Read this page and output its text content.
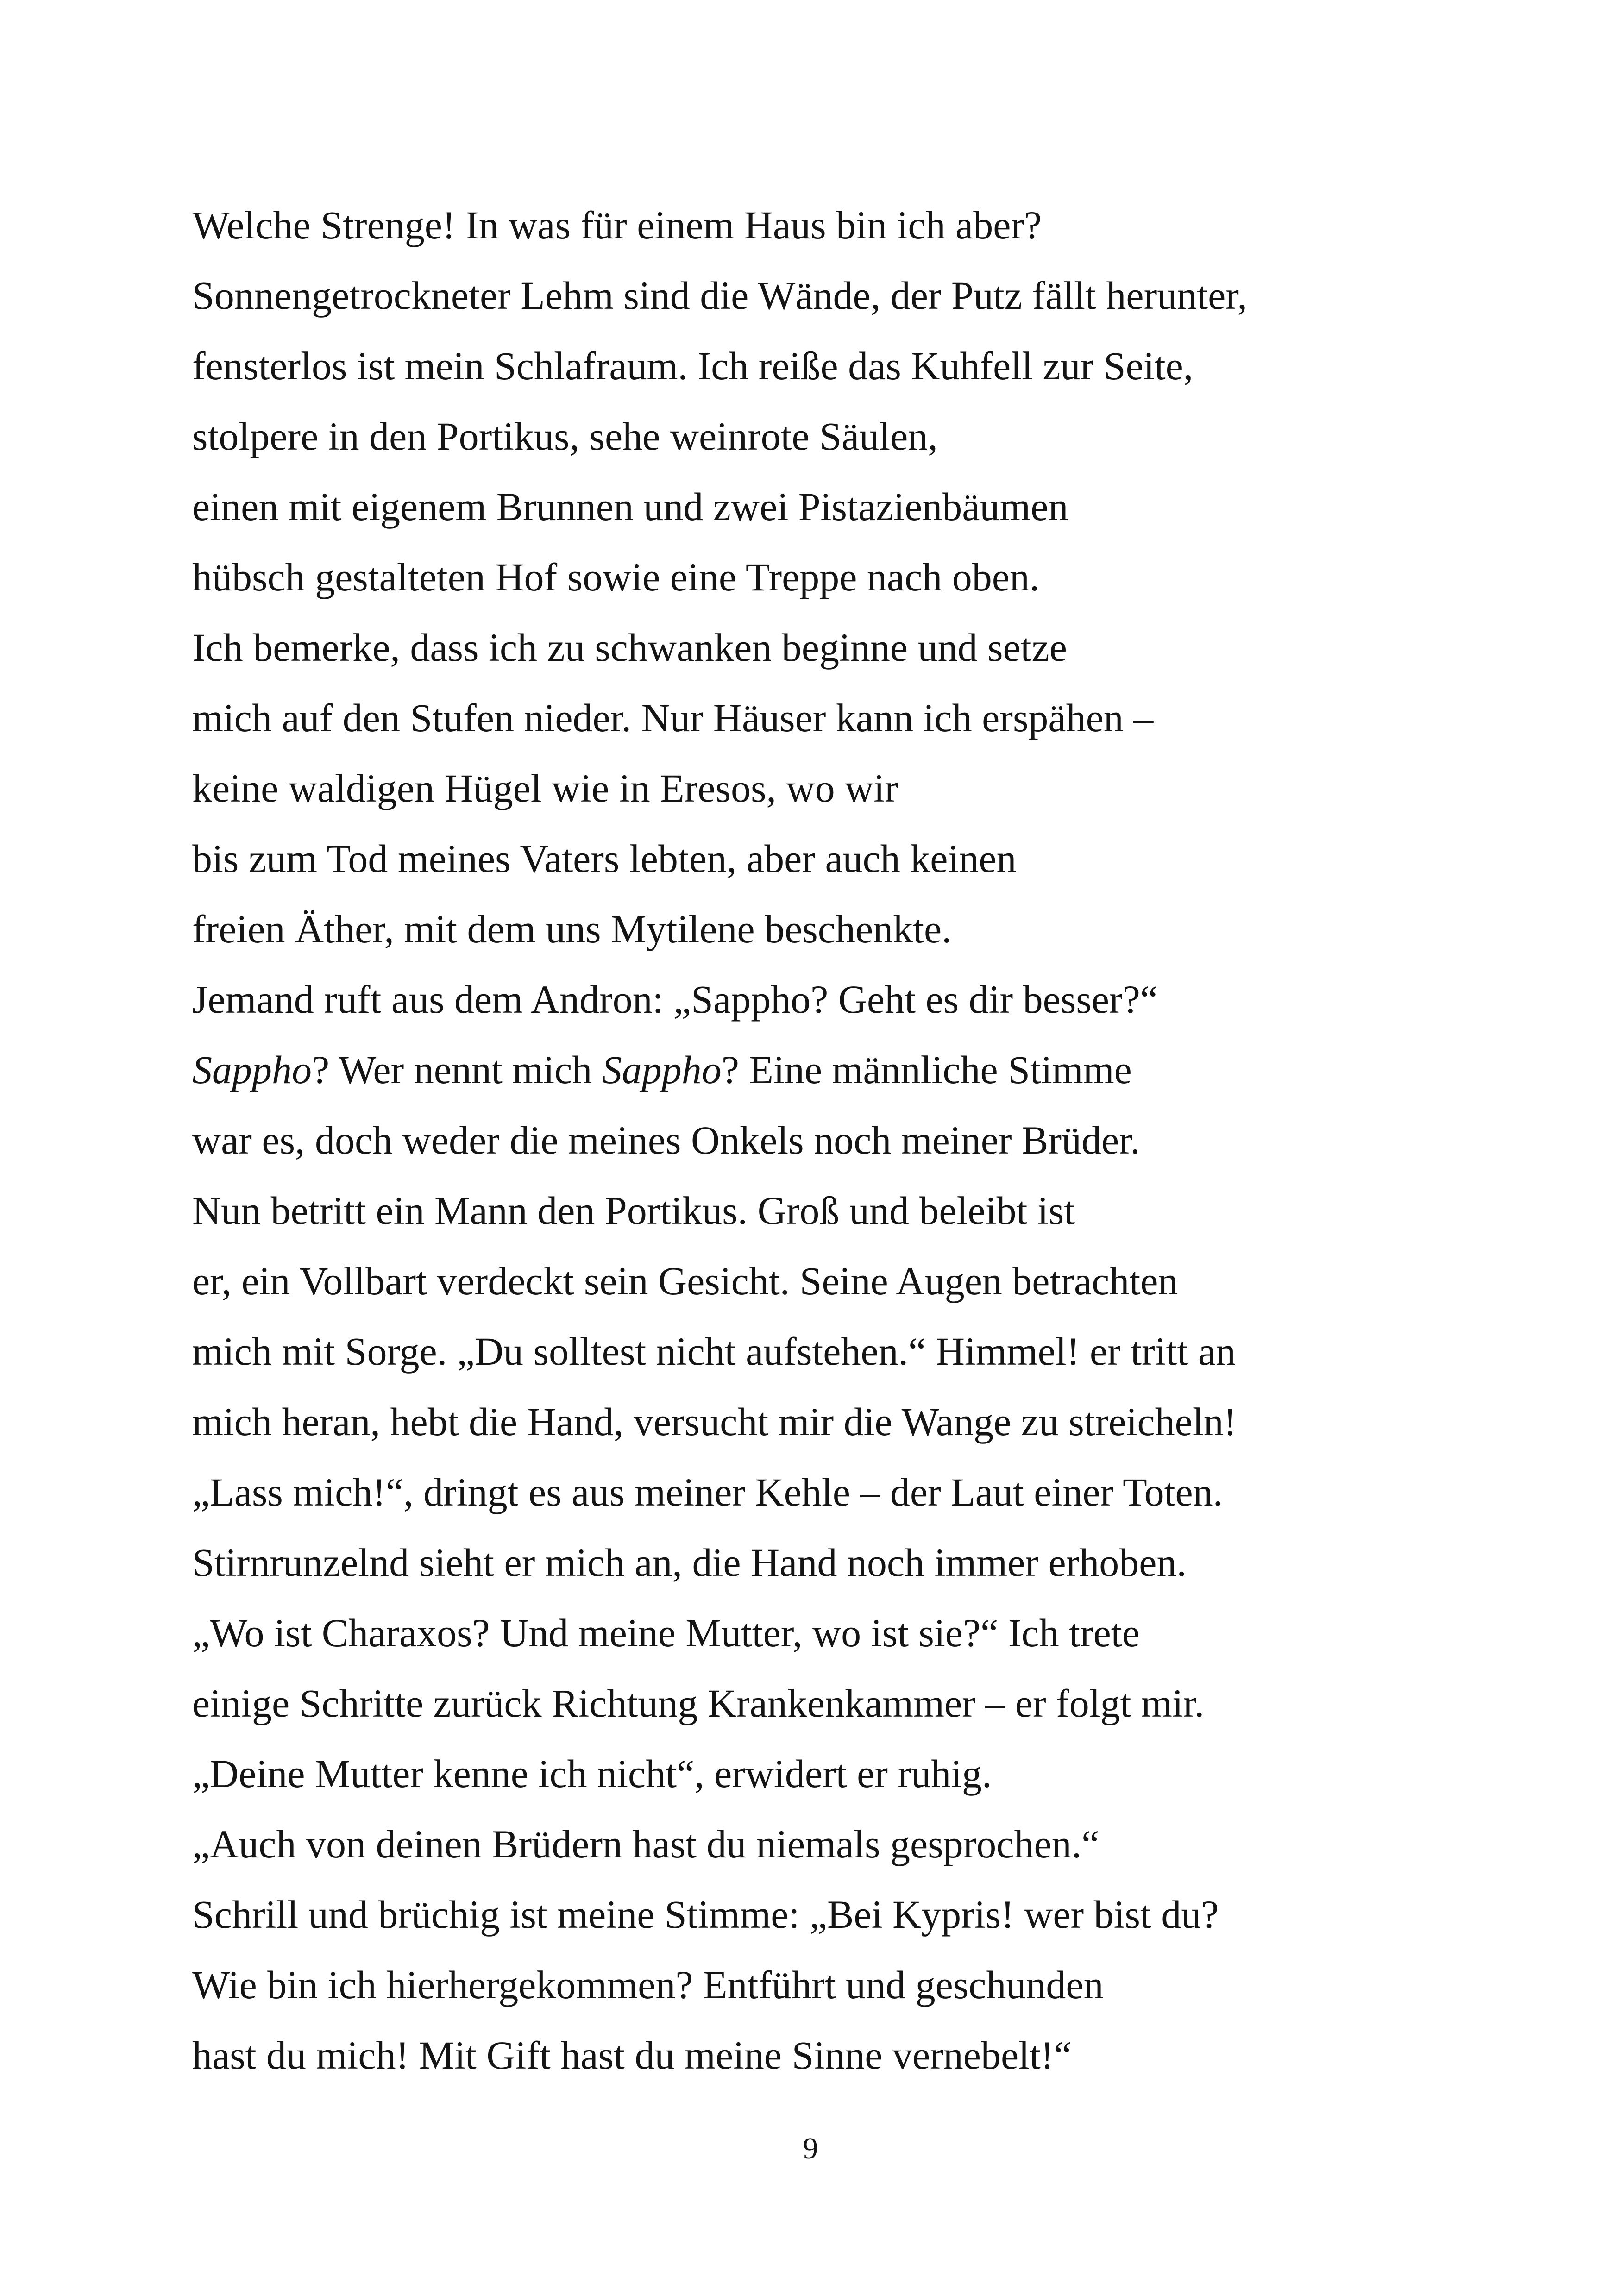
Welche Strenge! In was für einem Haus bin ich aber?
Sonnengetrockneter Lehm sind die Wände, der Putz fällt herunter,
fensterlos ist mein Schlafraum. Ich reiße das Kuhfell zur Seite,
stolpere in den Portikus, sehe weinrote Säulen,
einen mit eigenem Brunnen und zwei Pistazienbäumen
hübsch gestalteten Hof sowie eine Treppe nach oben.
Ich bemerke, dass ich zu schwanken beginne und setze
mich auf den Stufen nieder. Nur Häuser kann ich erspähen –
keine waldigen Hügel wie in Eresos, wo wir
bis zum Tod meines Vaters lebten, aber auch keinen
freien Äther, mit dem uns Mytilene beschenkte.
Jemand ruft aus dem Andron: „Sappho? Geht es dir besser?“
Sappho? Wer nennt mich Sappho? Eine männliche Stimme
war es, doch weder die meines Onkels noch meiner Brüder.
Nun betritt ein Mann den Portikus. Groß und beleibt ist
er, ein Vollbart verdeckt sein Gesicht. Seine Augen betrachten
mich mit Sorge. „Du solltest nicht aufstehen.“ Himmel! er tritt an
mich heran, hebt die Hand, versucht mir die Wange zu streicheln!
„Lass mich!“, dringt es aus meiner Kehle – der Laut einer Toten.
Stirnrunzelnd sieht er mich an, die Hand noch immer erhoben.
„Wo ist Charaxos? Und meine Mutter, wo ist sie?“ Ich trete
einige Schritte zurück Richtung Krankenkammer – er folgt mir.
„Deine Mutter kenne ich nicht“, erwidert er ruhig.
„Auch von deinen Brüdern hast du niemals gesprochen.“
Schrill und brüchig ist meine Stimme: „Bei Kypris! wer bist du?
Wie bin ich hierhergekommen? Entführt und geschunden
hast du mich! Mit Gift hast du meine Sinne vernebelt!“
9
